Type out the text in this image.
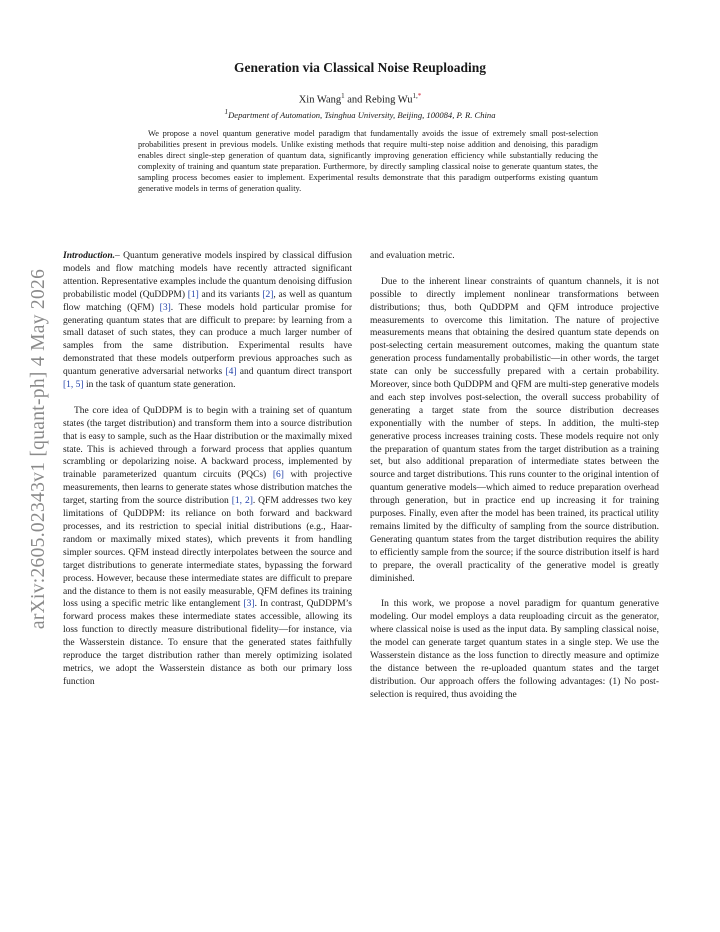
Generation via Classical Noise Reuploading
Xin Wang$^1$ and Rebing $Wu^{1,*}$
$^1$Department of Automation, Tsinghua University, Beijing, 100084, P. R. China
We propose a novel quantum generative model paradigm that fundamentally avoids the issue of extremely small post-selection probabilities present in previous models. Unlike existing methods that require multi-step noise addition and denoising, this paradigm enables direct single-step generation of quantum data, significantly improving generation efficiency while substantially reducing the complexity of training and quantum state preparation. Furthermore, by directly sampling classical noise to generate quantum states, the sampling process becomes easier to implement. Experimental results demonstrate that this paradigm outperforms existing quantum generative models in terms of generation quality.
arXiv:2605.02343v1 [quant-ph] 4 May 2026

Introduction.– Quantum generative models inspired by classical diffusion models and flow matching models have recently attracted significant attention. Representative examples include the quantum denoising diffusion probabilistic model (QuDDPM) [1] and its variants [2], as well as quantum flow matching (QFM) [3]. These models hold particular promise for generating quantum states that are difficult to prepare: by learning from a small dataset of such states, they can produce a much larger number of samples from the same distribution. Experimental results have demonstrated that these models outperform previous approaches such as quantum generative adversarial networks [4] and quantum direct transport [1, 5] in the task of quantum state generation.

The core idea of QuDDPM is to begin with a training set of quantum states (the target distribution) and transform them into a source distribution that is easy to sample, such as the Haar distribution or the maximally mixed state. This is achieved through a forward process that applies quantum scrambling or depolarizing noise. A backward process, implemented by trainable parameterized quantum circuits (PQCs) [6] with projective measurements, then learns to generate states whose distribution matches the target, starting from the source distribution [1, 2]. QFM addresses two key limitations of QuDDPM: its reliance on both forward and backward processes, and its restriction to special initial distributions (e.g., Haar-random or maximally mixed states), which prevents it from handling simpler sources. QFM instead directly interpolates between the source and target distributions to generate intermediate states, bypassing the forward process. However, because these intermediate states are difficult to prepare and the distance to them is not easily measurable, QFM defines its training loss using a specific metric like entanglement [3]. In contrast, QuDDPM’s forward process makes these intermediate states accessible, allowing its loss function to directly measure distributional fidelity—for instance, via the Wasserstein distance. To ensure that the generated states faithfully reproduce the target distribution rather than merely optimizing isolated metrics, we adopt the Wasserstein distance as both our primary loss function

and evaluation metric.

Due to the inherent linear constraints of quantum channels, it is not possible to directly implement nonlinear transformations between distributions; thus, both QuDDPM and QFM introduce projective measurements to overcome this limitation. The nature of projective measurements means that obtaining the desired quantum state depends on post-selecting certain measurement outcomes, making the quantum state generation process fundamentally probabilistic—in other words, the target state can only be successfully prepared with a certain probability. Moreover, since both QuDDPM and QFM are multi-step generative models and each step involves post-selection, the overall success probability of generating a target state from the source distribution decreases exponentially with the number of steps. In addition, the multi-step generative process increases training costs. These models require not only the preparation of quantum states from the target distribution as a training set, but also additional preparation of intermediate states between the source and target distributions. This runs counter to the original intention of quantum generative models—which aimed to reduce preparation overhead through generation, but in practice end up increasing it for training purposes. Finally, even after the model has been trained, its practical utility remains limited by the difficulty of sampling from the source distribution. Generating quantum states from the target distribution requires the ability to efficiently sample from the source; if the source distribution itself is hard to prepare, the overall practicality of the generative model is greatly diminished.

In this work, we propose a novel paradigm for quantum generative modeling. Our model employs a data reuploading circuit as the generator, where classical noise is used as the input data. By sampling classical noise, the model can generate target quantum states in a single step. We use the Wasserstein distance as the loss function to directly measure and optimize the distance between the re-uploaded quantum states and the target distribution. Our approach offers the following advantages: (1) No post-selection is required, thus avoiding the
